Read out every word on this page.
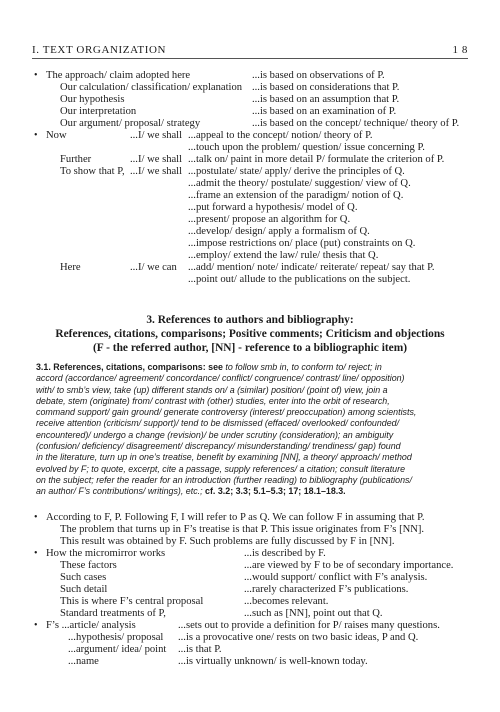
I. TEXT ORGANIZATION	1 8
• The approach/ claim adopted here	...is based on observations of P.
Our calculation/ classification/ explanation ...is based on considerations that P.
Our hypothesis	...is based on an assumption that P.
Our interpretation	...is based on an examination of P.
Our argument/ proposal/ strategy	...is based on the concept/ technique/ theory of P.
• Now	...I/ we shall ...appeal to the concept/ notion/ theory of P.
...touch upon the problem/ question/ issue concerning P.
Further	...I/ we shall ...talk on/ paint in more detail P/ formulate the criterion of P.
To show that P, ...I/ we shall ...postulate/ state/ apply/ derive the principles of Q.
...admit the theory/ postulate/ suggestion/ view of Q.
...frame an extension of the paradigm/ notion of Q.
...put forward a hypothesis/ model of Q.
...present/ propose an algorithm for Q.
...develop/ design/ apply a formalism of Q.
...impose restrictions on/ place (put) constraints on Q.
...employ/ extend the law/ rule/ thesis that Q.
Here	...I/ we can ...add/ mention/ note/ indicate/ reiterate/ repeat/ say that P.
...point out/ allude to the publications on the subject.
3. References to authors and bibliography:
References, citations, comparisons; Positive comments; Criticism and objections
(F - the referred author, [NN] - reference to a bibliographic item)

3.1. References, citations, comparisons: see to follow smb in, to conform to/ reject; in

accord (accordance/ agreement/ concordance/ conflict/ congruence/ contrast/ line/ opposition)

with/ to smb’s view, take (up) different stands on/ a (similar) position/ (point of) view, join a

debate, stem (originate) from/ contrast with (other) studies, enter into the orbit of research,

command support/ gain ground/ generate controversy (interest/ preoccupation) among scientists,

receive attention (criticism/ support)/ tend to be dismissed (effaced/ overlooked/ confounded/

encountered)/ undergo a change (revision)/ be under scrutiny (consideration); an ambiguity

(confusion/ deficiency/ disagreement/ discrepancy/ misunderstanding/ trendiness/ gap) found

in the literature, turn up in one’s treatise, benefit by examining [NN], a theory/ approach/ method

evolved by F; to quote, excerpt, cite a passage, supply references/ a citation; consult literature

on the subject; refer the reader for an introduction (further reading) to bibliography (publications/

an author/ F’s contributions/ writings), etc.; cf. 3.2; 3.3; 5.1–5.3; 17; 18.1–18.3.

• According to F, P. Following F, I will refer to P as Q. We can follow F in assuming that P.
The problem that turns up in F’s treatise is that P. This issue originates from F’s [NN].
This result was obtained by F. Such problems are fully discussed by F in [NN].
• How the micromirror works	...is described by F.
These factors	...are viewed by F to be of secondary importance.
Such cases	...would support/ conflict with F’s analysis.
Such detail	...rarely characterized F’s publications.
This is where F’s central proposal	...becomes relevant.
Standard treatments of P,	...such as [NN], point out that Q.
• F’s ...article/ analysis	...sets out to provide a definition for P/ raises many questions.
...hypothesis/ proposal ...is a provocative one/ rests on two basic ideas, P and Q.
...argument/ idea/ point ...is that P.
...name	...is virtually unknown/ is well-known today.
